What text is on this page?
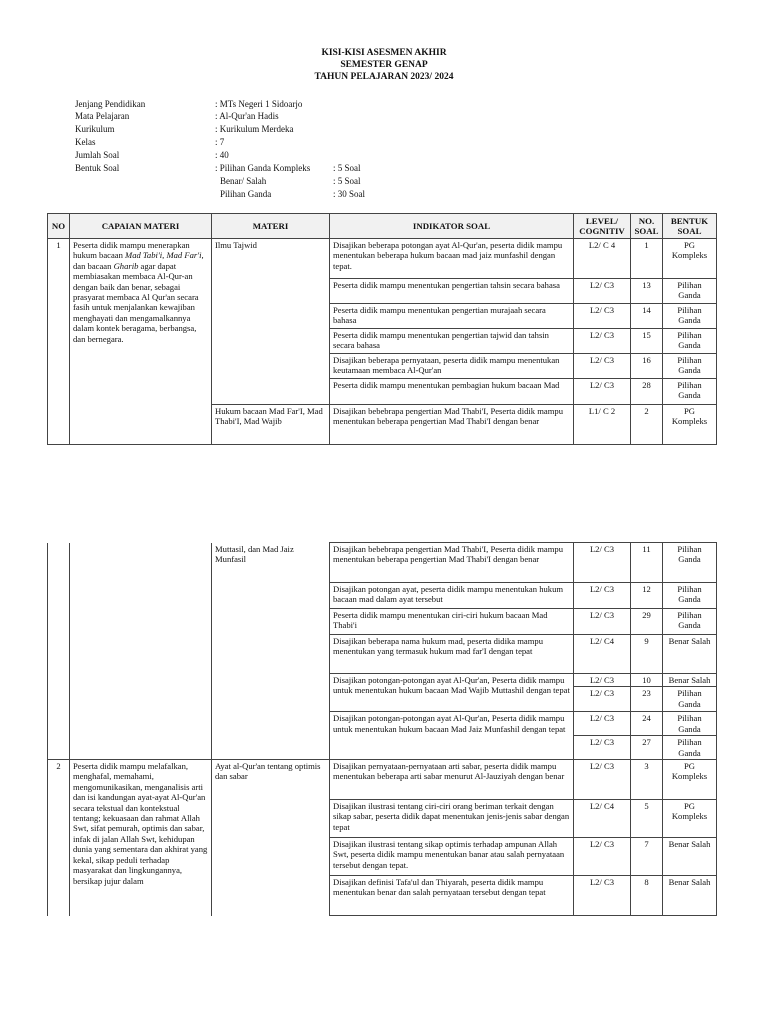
KISI-KISI ASESMEN AKHIR
SEMESTER GENAP
TAHUN PELAJARAN 2023/ 2024
Jenjang Pendidikan	: MTs Negeri 1 Sidoarjo
Mata Pelajaran	: Al-Qur'an Hadis
Kurikulum	: Kurikulum Merdeka
Kelas	: 7
Jumlah Soal	: 40
Bentuk Soal	: Pilihan Ganda Kompleks	: 5 Soal
Benar/ Salah	: 5 Soal
Pilihan Ganda	: 30 Soal
NO	CAPAIAN MATERI	MATERI	INDIKATOR SOAL	LEVEL/ COGNITIV	NO. SOAL	BENTUK SOAL
1	Peserta didik mampu menerapkan hukum bacaan Mad Tabi'i, Mad Far'i, dan bacaan Gharib agar dapat membiasakan membaca Al-Qur-an dengan baik dan benar, sebagai prasyarat membaca Al Qur'an secara fasih untuk menjalankan kewajiban menghayati dan mengamalkannya dalam kontek beragama, berbangsa, dan bernegara.	Ilmu Tajwid	Disajikan beberapa potongan ayat Al-Qur'an, peserta didik mampu menentukan beberapa hukum bacaan mad jaiz munfashil dengan tepat.	L2/ C 4	1	PG Kompleks
			Peserta didik mampu menentukan pengertian tahsin secara bahasa	L2/ C3	13	Pilihan Ganda
			Peserta didik mampu menentukan pengertian murajaah secara bahasa	L2/ C3	14	Pilihan Ganda
			Peserta didik mampu menentukan pengertian tajwid dan tahsin secara bahasa	L2/ C3	15	Pilihan Ganda
			Disajikan beberapa pernyataan, peserta didik mampu menentukan keutamaan membaca Al-Qur'an	L2/ C3	16	Pilihan Ganda
			Peserta didik mampu menentukan pembagian hukum bacaan Mad	L2/ C3	28	Pilihan Ganda
		Hukum bacaan Mad Far'I, Mad Thabi'I, Mad Wajib	Disajikan bebebrapa pengertian Mad Thabi'I, Peserta didik mampu menentukan beberapa pengertian Mad Thabi'I dengan benar	L1/ C 2	2	PG Kompleks
		Muttasil, dan Mad Jaiz Munfasil	Disajikan bebebrapa pengertian Mad Thabi'I, Peserta didik mampu menentukan beberapa pengertian Mad Thabi'I dengan benar	L2/ C3	11	Pilihan Ganda
			Disajikan potongan ayat, peserta didik mampu menentukan hukum bacaan mad dalam ayat tersebut	L2/ C3	12	Pilihan Ganda
			Peserta didik mampu menentukan ciri-ciri hukum bacaan Mad Thabi'i	L2/ C3	29	Pilihan Ganda
			Disajikan beberapa nama hukum mad, peserta didika mampu menentukan yang termasuk hukum mad far'I dengan tepat	L2/ C4	9	Benar Salah
			Disajikan potongan-potongan ayat Al-Qur'an, Peserta didik mampu untuk menentukan hukum bacaan Mad Wajib Muttashil dengan tepat	L2/ C3	10	Benar Salah
				L2/ C3	23	Pilihan Ganda
			Disajikan potongan-potongan ayat Al-Qur'an, Peserta didik mampu untuk menentukan hukum bacaan Mad Jaiz Munfashil dengan tepat	L2/ C3	24	Pilihan Ganda
				L2/ C3	27	Pilihan Ganda
2	Peserta didik mampu melafalkan, menghafal, memahami, mengomunikasikan, menganalisis arti dan isi kandungan ayat-ayat Al-Qur'an secara tekstual dan kontekstual tentang; kekuasaan dan rahmat Allah Swt, sifat pemurah, optimis dan sabar, infak di jalan Allah Swt, kehidupan dunia yang sementara dan akhirat yang kekal, sikap peduli terhadap masyarakat dan lingkungannya, bersikap jujur dalam	Ayat al-Qur'an tentang optimis dan sabar	Disajikan pernyataan-pernyataan arti sabar, peserta didik mampu menentukan beberapa arti sabar menurut Al-Jauziyah dengan benar	L2/ C3	3	PG Kompleks
			Disajikan ilustrasi tentang ciri-ciri orang beriman terkait dengan sikap sabar, peserta didik dapat menentukan jenis-jenis sabar dengan tepat	L2/ C4	5	PG Kompleks
			Disajikan ilustrasi tentang sikap optimis terhadap ampunan Allah Swt, peserta didik mampu menentukan banar atau salah pernyataan tersebut dengan tepat.	L2/ C3	7	Benar Salah
			Disajikan definisi Tafa'ul dan Thiyarah, peserta didik mampu menentukan benar dan salah pernyataan tersebut dengan tepat	L2/ C3	8	Benar Salah
